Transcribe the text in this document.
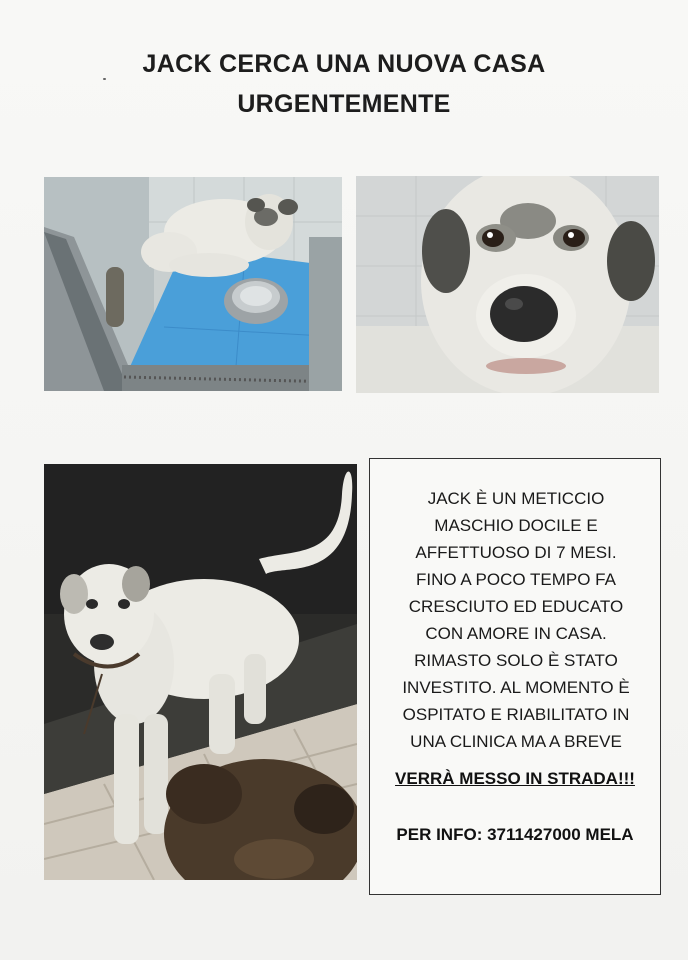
JACK CERCA UNA NUOVA CASA
URGENTEMENTE
JACK È UN METICCIO
MASCHIO DOCILE E
AFFETTUOSO DI 7 MESI.
FINO A POCO TEMPO FA
CRESCIUTO ED EDUCATO
CON AMORE IN CASA.
RIMASTO SOLO È STATO
INVESTITO. AL MOMENTO È
OSPITATO E RIABILITATO IN
UNA CLINICA MA A BREVE
VERRÀ MESSO IN STRADA!!!
PER INFO: 3711427000 MELA
